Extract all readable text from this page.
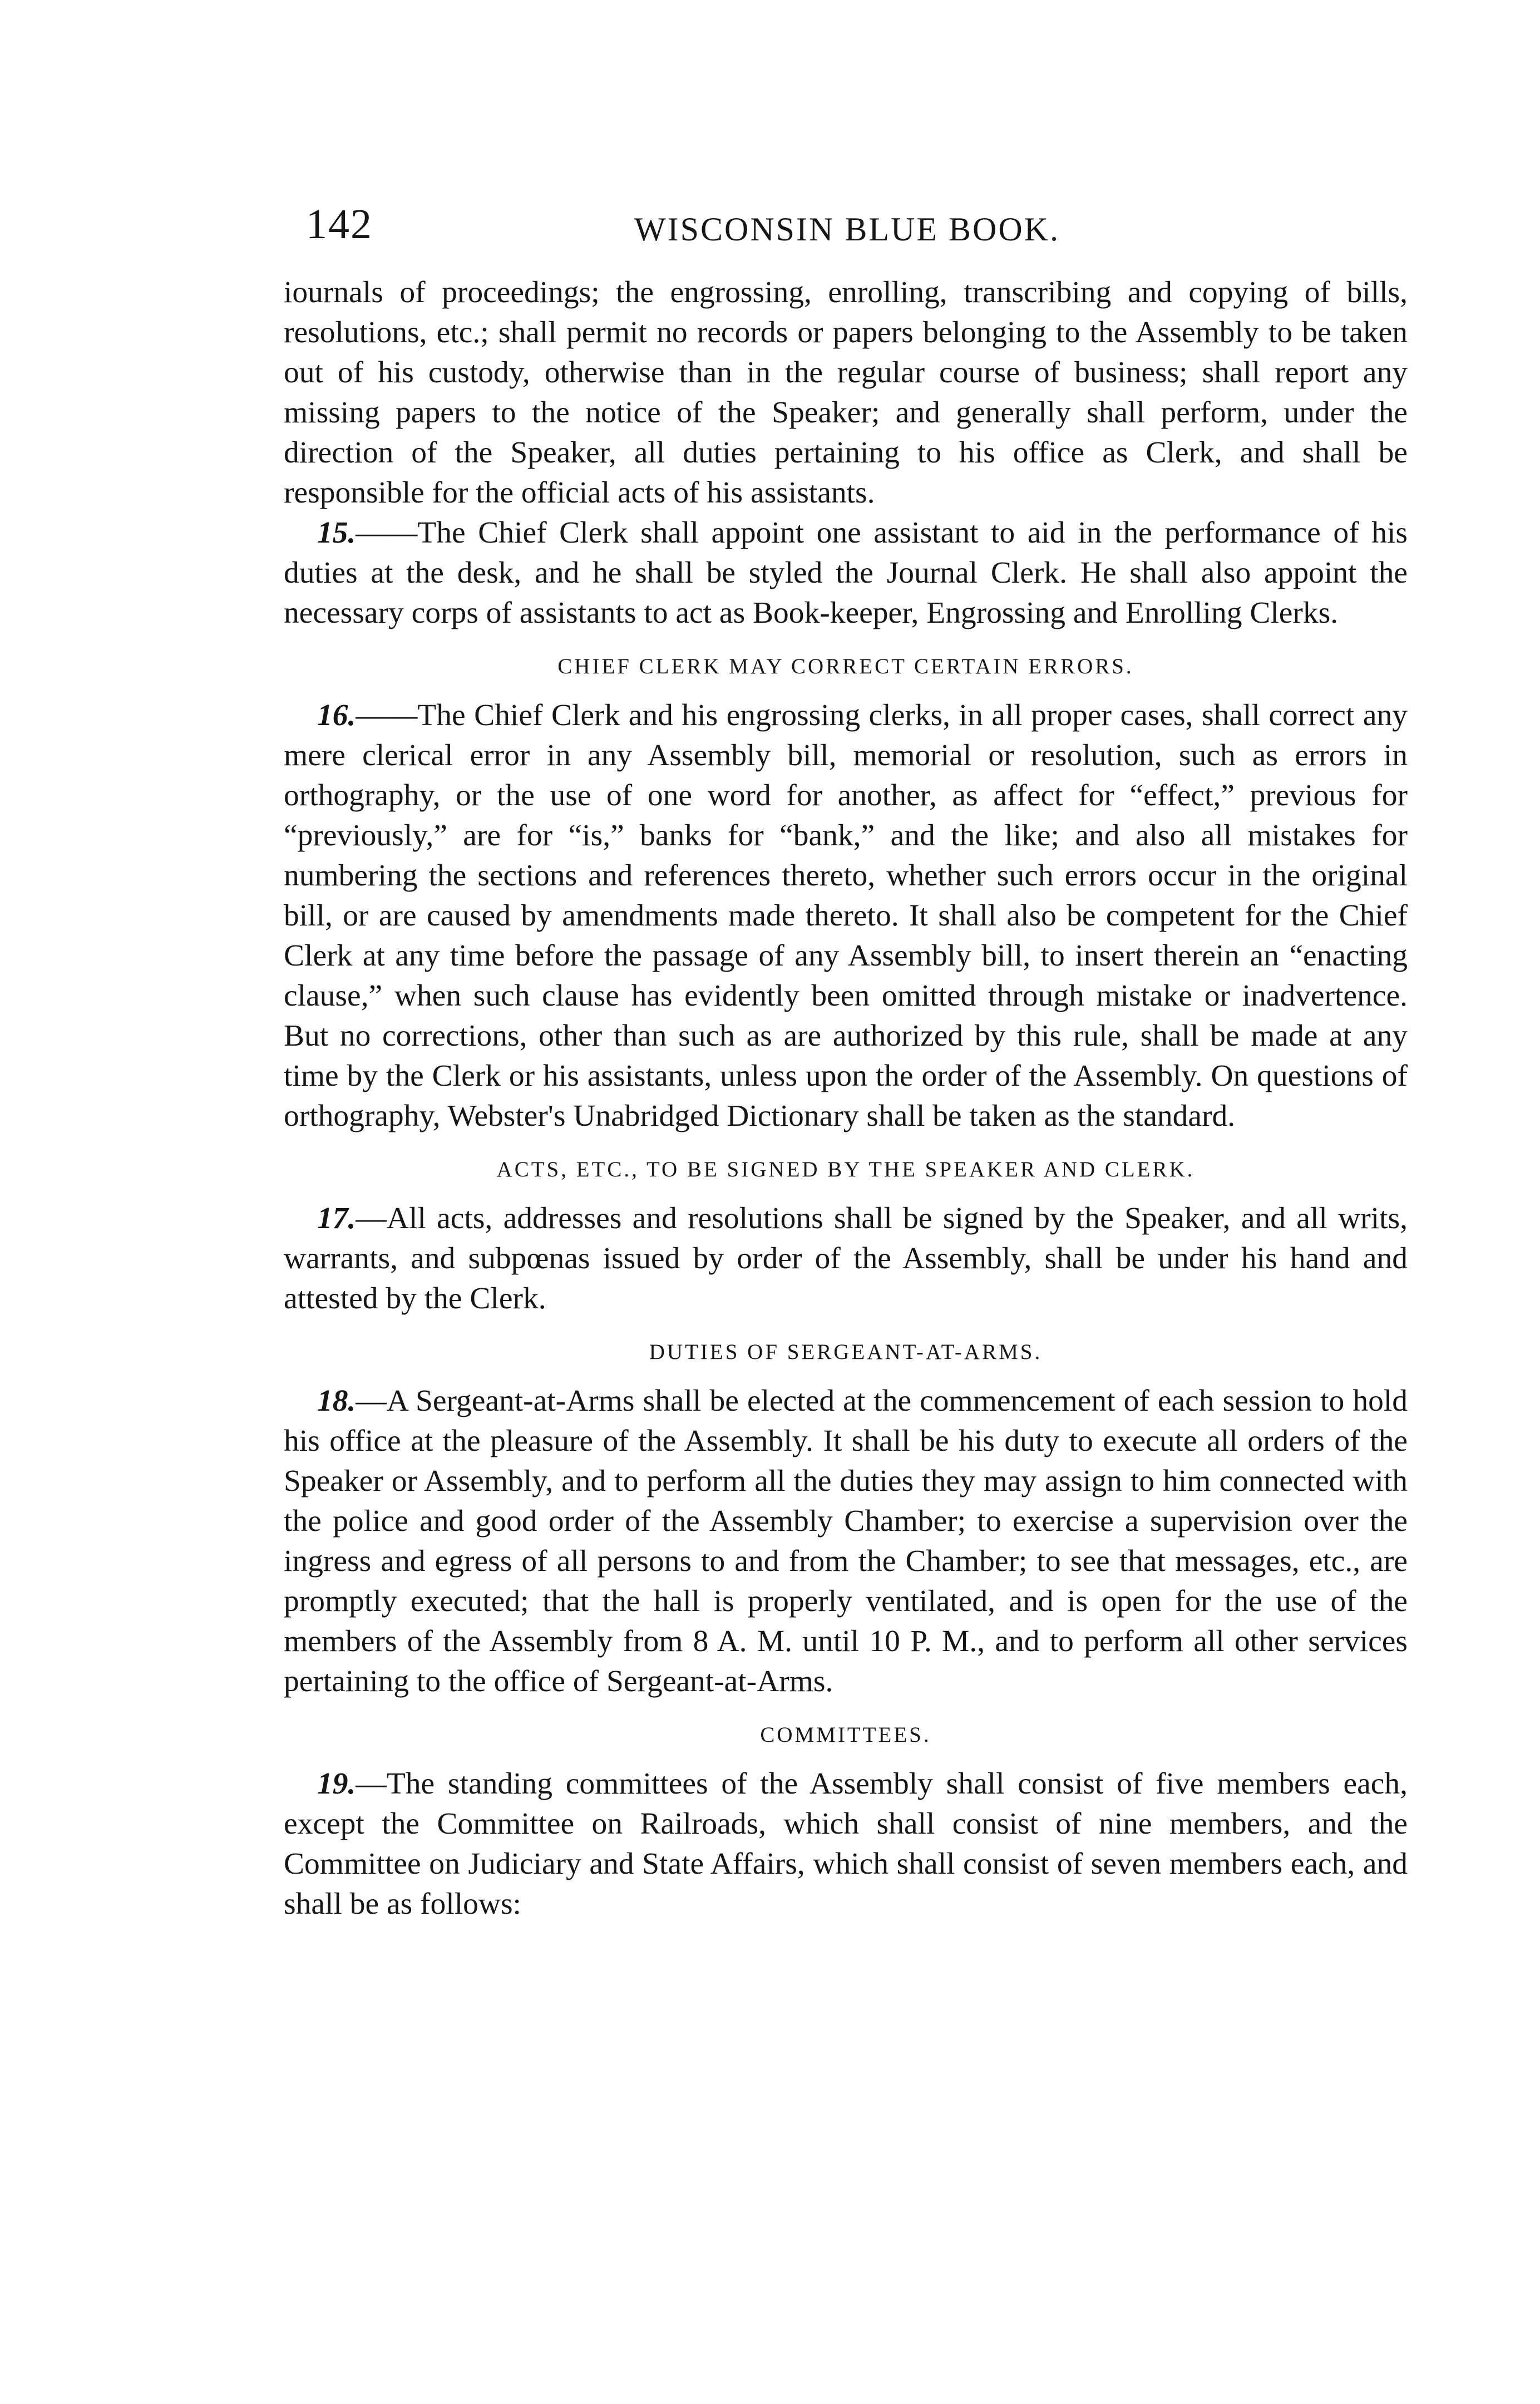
142	WISCONSIN BLUE BOOK.

iournals of proceedings; the engrossing, enrolling, transcribing and copying of bills, resolutions, etc.; shall permit no records or papers belonging to the Assembly to be taken out of his custody, otherwise than in the regular course of business; shall report any missing papers to the notice of the Speaker; and generally shall perform, under the direction of the Speaker, all duties pertaining to his office as Clerk, and shall be responsible for the official acts of his assistants.

15.——The Chief Clerk shall appoint one assistant to aid in the performance of his duties at the desk, and he shall be styled the Journal Clerk. He shall also appoint the necessary corps of assistants to act as Book-keeper, Engrossing and Enrolling Clerks.

CHIEF CLERK MAY CORRECT CERTAIN ERRORS.

16.——The Chief Clerk and his engrossing clerks, in all proper cases, shall correct any mere clerical error in any Assembly bill, memorial or resolution, such as errors in orthography, or the use of one word for another, as affect for “effect,” previous for “previously,” are for “is,” banks for “bank,” and the like; and also all mistakes for numbering the sections and references thereto, whether such errors occur in the original bill, or are caused by amendments made thereto. It shall also be competent for the Chief Clerk at any time before the passage of any Assembly bill, to insert therein an “enacting clause,” when such clause has evidently been omitted through mistake or inadvertence. But no corrections, other than such as are authorized by this rule, shall be made at any time by the Clerk or his assistants, unless upon the order of the Assembly. On questions of orthography, Webster's Unabridged Dictionary shall be taken as the standard.

ACTS, ETC., TO BE SIGNED BY THE SPEAKER AND CLERK.

17.—All acts, addresses and resolutions shall be signed by the Speaker, and all writs, warrants, and subpœnas issued by order of the Assembly, shall be under his hand and attested by the Clerk.

DUTIES OF SERGEANT-AT-ARMS.

18.—A Sergeant-at-Arms shall be elected at the commencement of each session to hold his office at the pleasure of the Assembly. It shall be his duty to execute all orders of the Speaker or Assembly, and to perform all the duties they may assign to him connected with the police and good order of the Assembly Chamber; to exercise a supervision over the ingress and egress of all persons to and from the Chamber; to see that messages, etc., are promptly executed; that the hall is properly ventilated, and is open for the use of the members of the Assembly from 8 A. M. until 10 P. M., and to perform all other services pertaining to the office of Sergeant-at-Arms.

COMMITTEES.

19.—The standing committees of the Assembly shall consist of five members each, except the Committee on Railroads, which shall consist of nine members, and the Committee on Judiciary and State Affairs, which shall consist of seven members each, and shall be as follows:
